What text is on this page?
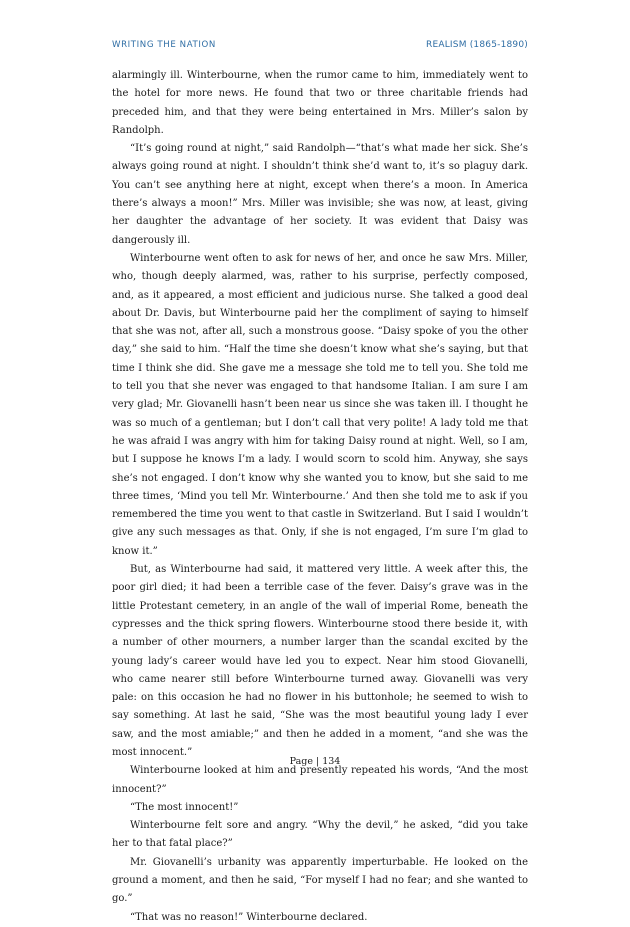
WRITING THE NATION	REALISM (1865-1890)

alarmingly ill. Winterbourne, when the rumor came to him, immediately went to the hotel for more news. He found that two or three charitable friends had preceded him, and that they were being entertained in Mrs. Miller’s salon by Randolph.

“It’s going round at night,” said Randolph—“that’s what made her sick. She’s always going round at night. I shouldn’t think she’d want to, it’s so plaguy dark. You can’t see anything here at night, except when there’s a moon. In America there’s always a moon!” Mrs. Miller was invisible; she was now, at least, giving her daughter the advantage of her society. It was evident that Daisy was dangerously ill.

Winterbourne went often to ask for news of her, and once he saw Mrs. Miller, who, though deeply alarmed, was, rather to his surprise, perfectly composed, and, as it appeared, a most efficient and judicious nurse. She talked a good deal about Dr. Davis, but Winterbourne paid her the compliment of saying to himself that she was not, after all, such a monstrous goose. “Daisy spoke of you the other day,” she said to him. “Half the time she doesn’t know what she’s saying, but that time I think she did. She gave me a message she told me to tell you. She told me to tell you that she never was engaged to that handsome Italian. I am sure I am very glad; Mr. Giovanelli hasn’t been near us since she was taken ill. I thought he was so much of a gentleman; but I don’t call that very polite! A lady told me that he was afraid I was angry with him for taking Daisy round at night. Well, so I am, but I suppose he knows I’m a lady. I would scorn to scold him. Anyway, she says she’s not engaged. I don’t know why she wanted you to know, but she said to me three times, ‘Mind you tell Mr. Winterbourne.’ And then she told me to ask if you remembered the time you went to that castle in Switzerland. But I said I wouldn’t give any such messages as that. Only, if she is not engaged, I’m sure I’m glad to know it.”

But, as Winterbourne had said, it mattered very little. A week after this, the poor girl died; it had been a terrible case of the fever. Daisy’s grave was in the little Protestant cemetery, in an angle of the wall of imperial Rome, beneath the cypresses and the thick spring flowers. Winterbourne stood there beside it, with a number of other mourners, a number larger than the scandal excited by the young lady’s career would have led you to expect. Near him stood Giovanelli, who came nearer still before Winterbourne turned away. Giovanelli was very pale: on this occasion he had no flower in his buttonhole; he seemed to wish to say something. At last he said, “She was the most beautiful young lady I ever saw, and the most amiable;” and then he added in a moment, “and she was the most innocent.”

Winterbourne looked at him and presently repeated his words, “And the most innocent?”

“The most innocent!”

Winterbourne felt sore and angry. “Why the devil,” he asked, “did you take her to that fatal place?”

Mr. Giovanelli’s urbanity was apparently imperturbable. He looked on the ground a moment, and then he said, “For myself I had no fear; and she wanted to go.”

“That was no reason!” Winterbourne declared.

Page | 134
